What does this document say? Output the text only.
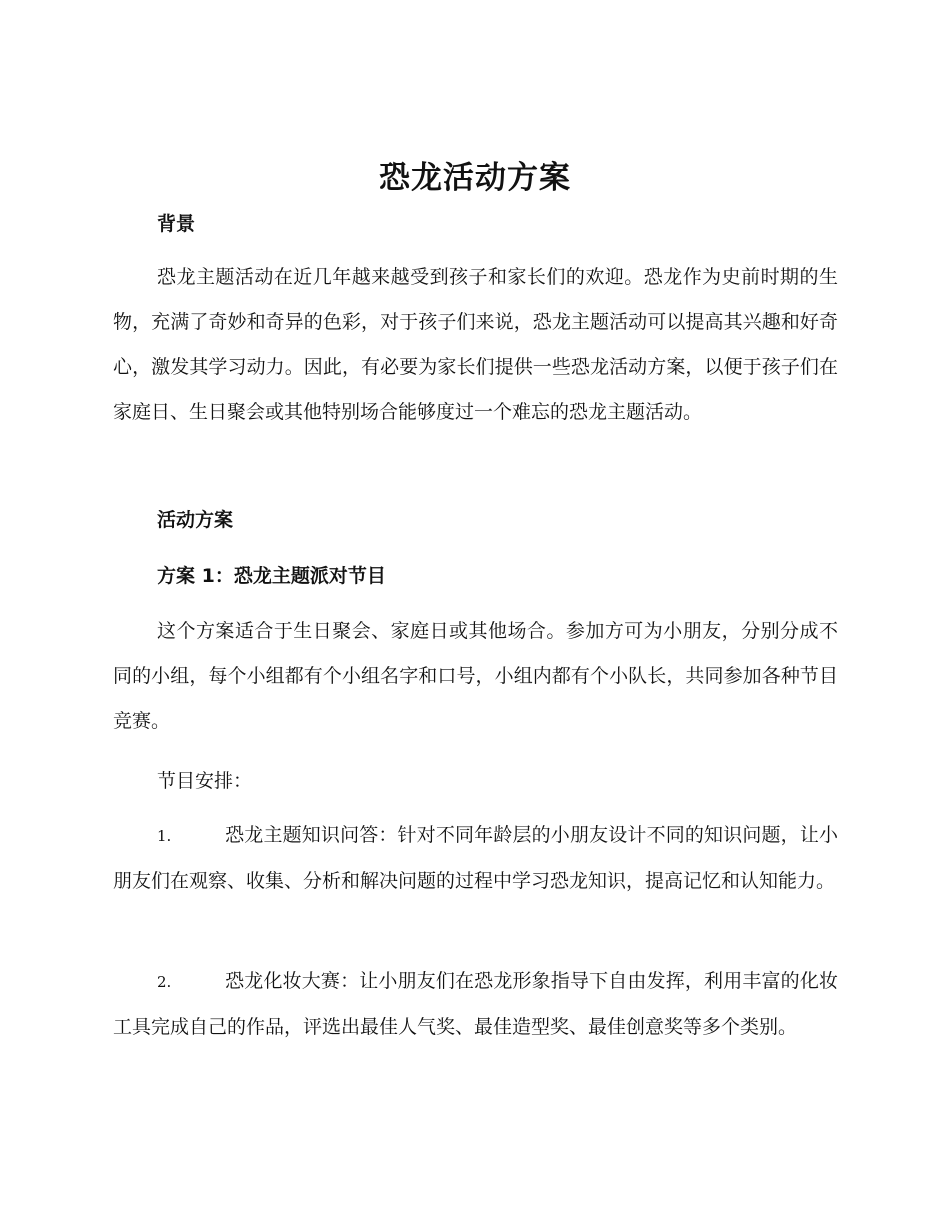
恐龙活动方案
背景

恐龙主题活动在近几年越来越受到孩子和家长们的欢迎。恐龙作为史前时期的生物，充满了奇妙和奇异的色彩，对于孩子们来说，恐龙主题活动可以提高其兴趣和好奇心，激发其学习动力。因此，有必要为家长们提供一些恐龙活动方案，以便于孩子们在家庭日、生日聚会或其他特别场合能够度过一个难忘的恐龙主题活动。

活动方案
方案 1：恐龙主题派对节目

这个方案适合于生日聚会、家庭日或其他场合。参加方可为小朋友，分别分成不同的小组，每个小组都有个小组名字和口号，小组内都有个小队长，共同参加各种节目竞赛。

节目安排：

1.	恐龙主题知识问答：针对不同年龄层的小朋友设计不同的知识问题，让小朋友们在观察、收集、分析和解决问题的过程中学习恐龙知识，提高记忆和认知能力。

2.	恐龙化妆大赛：让小朋友们在恐龙形象指导下自由发挥，利用丰富的化妆工具完成自己的作品，评选出最佳人气奖、最佳造型奖、最佳创意奖等多个类别。
